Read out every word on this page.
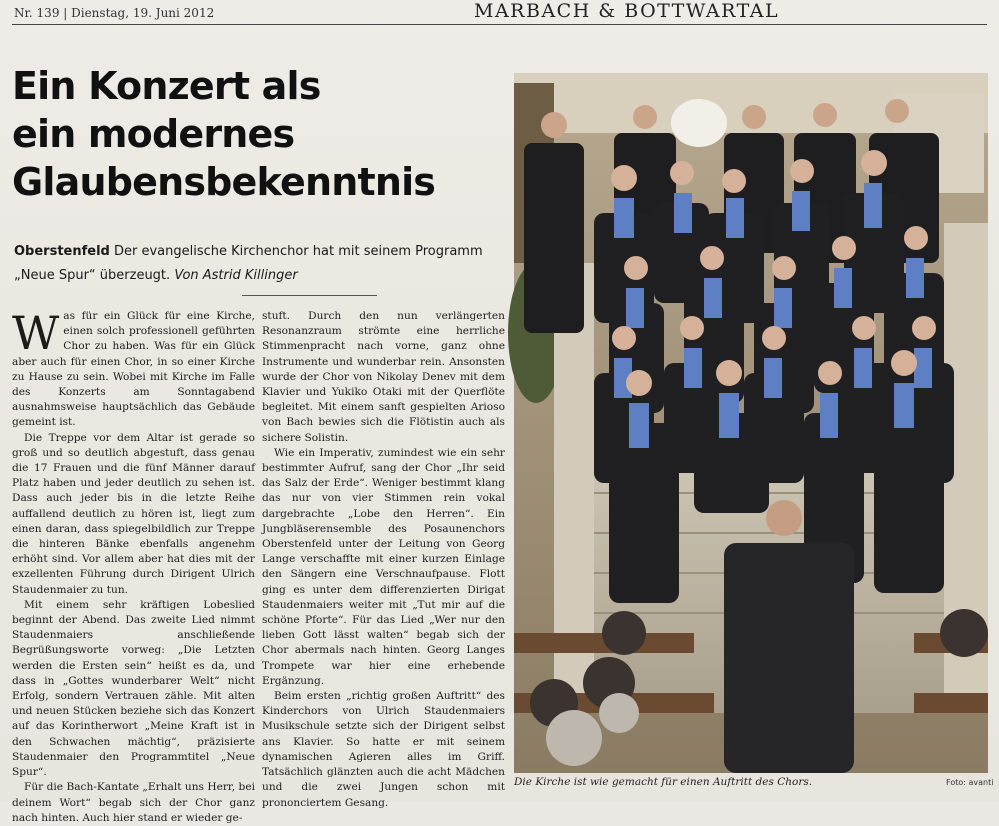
Nr. 139 | Dienstag, 19. Juni 2012	MARBACH & BOTTWARTAL
Ein Konzert als
ein modernes
Glaubensbekenntnis
Oberstenfeld Der evangelische Kirchenchor hat mit seinem Programm „Neue Spur“ überzeugt. Von Astrid Killinger

Was für ein Glück für eine Kirche, einen solch professionell geführten Chor zu haben. Was für ein Glück aber auch für einen Chor, in so einer Kirche zu Hause zu sein. Wobei mit Kirche im Falle des Konzerts am Sonntagabend ausnahmsweise hauptsächlich das Gebäude gemeint ist.

Die Treppe vor dem Altar ist gerade so groß und so deutlich abgestuft, dass genau die 17 Frauen und die fünf Männer darauf Platz haben und jeder deutlich zu sehen ist. Dass auch jeder bis in die letzte Reihe auffallend deutlich zu hören ist, liegt zum einen daran, dass spiegelbildlich zur Treppe die hinteren Bänke ebenfalls angenehm erhöht sind. Vor allem aber hat dies mit der exzellenten Führung durch Dirigent Ulrich Staudenmaier zu tun.

Mit einem sehr kräftigen Lobeslied beginnt der Abend. Das zweite Lied nimmt Staudenmaiers anschließende Begrüßungsworte vorweg: „Die Letzten werden die Ersten sein“ heißt es da, und dass in „Gottes wunderbarer Welt“ nicht Erfolg, sondern Vertrauen zähle. Mit alten und neuen Stücken beziehe sich das Konzert auf das Korintherwort „Meine Kraft ist in den Schwachen mächtig“, präzisierte Staudenmaier den Programmtitel „Neue Spur“.

Für die Bach-Kantate „Erhalt uns Herr, bei deinem Wort“ begab sich der Chor ganz nach hinten. Auch hier stand er wieder ge-

stuft. Durch den nun verlängerten Resonanzraum strömte eine herrliche Stimmenpracht nach vorne, ganz ohne Instrumente und wunderbar rein. Ansonsten wurde der Chor von Nikolay Denev mit dem Klavier und Yukiko Otaki mit der Querflöte begleitet. Mit einem sanft gespielten Arioso von Bach bewies sich die Flötistin auch als sichere Solistin.

Wie ein Imperativ, zumindest wie ein sehr bestimmter Aufruf, sang der Chor „Ihr seid das Salz der Erde“. Weniger bestimmt klang das nur von vier Stimmen rein vokal dargebrachte „Lobe den Herren“. Ein Jungbläserensemble des Posaunenchors Oberstenfeld unter der Leitung von Georg Lange verschaffte mit einer kurzen Einlage den Sängern eine Verschnaufpause. Flott ging es unter dem differenzierten Dirigat Staudenmaiers weiter mit „Tut mir auf die schöne Pforte“. Für das Lied „Wer nur den lieben Gott lässt walten“ begab sich der Chor abermals nach hinten. Georg Langes Trompete war hier eine erhebende Ergänzung.

Beim ersten „richtig großen Auftritt“ des Kinderchors von Ulrich Staudenmaiers Musikschule setzte sich der Dirigent selbst ans Klavier. So hatte er mit seinem dynamischen Agieren alles im Griff. Tatsächlich glänzten auch die acht Mädchen und die zwei Jungen schon mit prononciertem Gesang.

Die Kirche ist wie gemacht für einen Auftritt des Chors.	Foto: avanti
